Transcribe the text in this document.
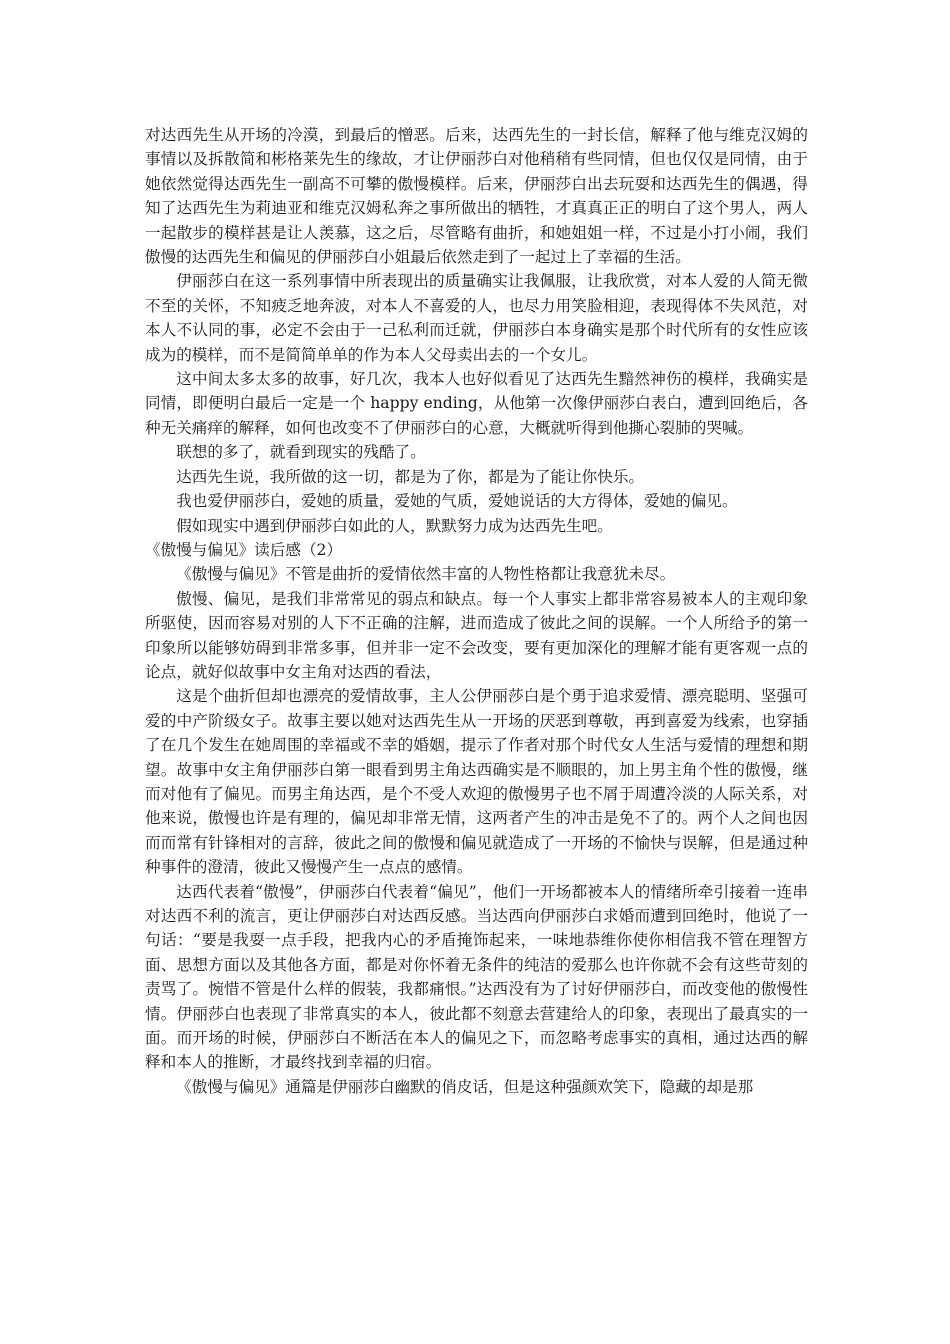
对达西先生从开场的冷漠，到最后的憎恶。后来，达西先生的一封长信，解释了他与维克汉姆的事情以及拆散简和彬格莱先生的缘故，才让伊丽莎白对他稍稍有些同情，但也仅仅是同情，由于她依然觉得达西先生一副高不可攀的傲慢模样。后来，伊丽莎白出去玩耍和达西先生的偶遇，得知了达西先生为莉迪亚和维克汉姆私奔之事所做出的牺牲，才真真正正的明白了这个男人，两人一起散步的模样甚是让人羡慕，这之后，尽管略有曲折，和她姐姐一样，不过是小打小闹，我们傲慢的达西先生和偏见的伊丽莎白小姐最后依然走到了一起过上了幸福的生活。

伊丽莎白在这一系列事情中所表现出的质量确实让我佩服，让我欣赏，对本人爱的人简无微不至的关怀，不知疲乏地奔波，对本人不喜爱的人，也尽力用笑脸相迎，表现得体不失风范，对本人不认同的事，必定不会由于一己私利而迁就，伊丽莎白本身确实是那个时代所有的女性应该成为的模样，而不是简简单单的作为本人父母卖出去的一个女儿。

这中间太多太多的故事，好几次，我本人也好似看见了达西先生黯然神伤的模样，我确实是同情，即便明白最后一定是一个 happy ending，从他第一次像伊丽莎白表白，遭到回绝后，各种无关痛痒的解释，如何也改变不了伊丽莎白的心意，大概就听得到他撕心裂肺的哭喊。

联想的多了，就看到现实的残酷了。

达西先生说，我所做的这一切，都是为了你，都是为了能让你快乐。

我也爱伊丽莎白，爱她的质量，爱她的气质，爱她说话的大方得体，爱她的偏见。

假如现实中遇到伊丽莎白如此的人，默默努力成为达西先生吧。

《傲慢与偏见》读后感（2）

《傲慢与偏见》不管是曲折的爱情依然丰富的人物性格都让我意犹未尽。

傲慢、偏见，是我们非常常见的弱点和缺点。每一个人事实上都非常容易被本人的主观印象所驱使，因而容易对别的人下不正确的注解，进而造成了彼此之间的误解。一个人所给予的第一印象所以能够妨碍到非常多事，但并非一定不会改变，要有更加深化的理解才能有更客观一点的论点，就好似故事中女主角对达西的看法，

这是个曲折但却也漂亮的爱情故事，主人公伊丽莎白是个勇于追求爱情、漂亮聪明、坚强可爱的中产阶级女子。故事主要以她对达西先生从一开场的厌恶到尊敬，再到喜爱为线索，也穿插了在几个发生在她周围的幸福或不幸的婚姻，提示了作者对那个时代女人生活与爱情的理想和期望。故事中女主角伊丽莎白第一眼看到男主角达西确实是不顺眼的，加上男主角个性的傲慢，继而对他有了偏见。而男主角达西，是个不受人欢迎的傲慢男子也不屑于周遭冷淡的人际关系，对他来说，傲慢也许是有理的，偏见却非常无情，这两者产生的冲击是免不了的。两个人之间也因而而常有针锋相对的言辞，彼此之间的傲慢和偏见就造成了一开场的不愉快与误解，但是通过种种事件的澄清，彼此又慢慢产生一点点的感情。

达西代表着“傲慢”，伊丽莎白代表着“偏见”，他们一开场都被本人的情绪所牵引接着一连串对达西不利的流言，更让伊丽莎白对达西反感。当达西向伊丽莎白求婚而遭到回绝时，他说了一句话：“要是我耍一点手段，把我内心的矛盾掩饰起来，一味地恭维你使你相信我不管在理智方面、思想方面以及其他各方面，都是对你怀着无条件的纯洁的爱那么也许你就不会有这些苛刻的责骂了。惋惜不管是什么样的假装，我都痛恨。”达西没有为了讨好伊丽莎白，而改变他的傲慢性情。伊丽莎白也表现了非常真实的本人，彼此都不刻意去营建给人的印象，表现出了最真实的一面。而开场的时候，伊丽莎白不断活在本人的偏见之下，而忽略考虑事实的真相，通过达西的解释和本人的推断，才最终找到幸福的归宿。

《傲慢与偏见》通篇是伊丽莎白幽默的俏皮话，但是这种强颜欢笑下，隐藏的却是那
